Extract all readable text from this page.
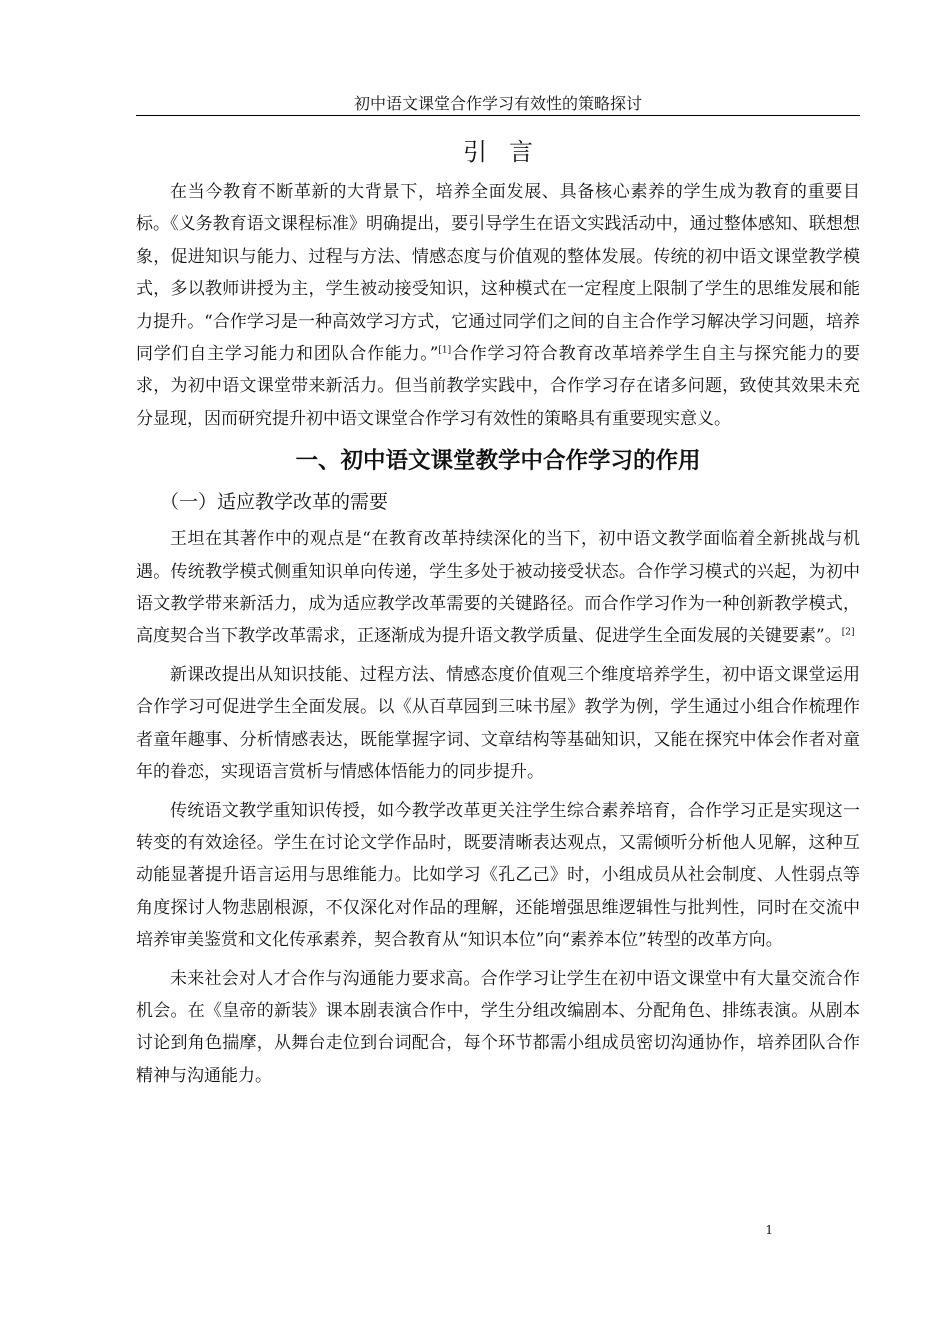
初中语文课堂合作学习有效性的策略探讨
引言

在当今教育不断革新的大背景下，培养全面发展、具备核心素养的学生成为教育的重要目标。《义务教育语文课程标准》明确提出，要引导学生在语文实践活动中，通过整体感知、联想想象，促进知识与能力、过程与方法、情感态度与价值观的整体发展。传统的初中语文课堂教学模式，多以教师讲授为主，学生被动接受知识，这种模式在一定程度上限制了学生的思维发展和能力提升。“合作学习是一种高效学习方式，它通过同学们之间的自主合作学习解决学习问题，培养同学们自主学习能力和团队合作能力。”[1]合作学习符合教育改革培养学生自主与探究能力的要求，为初中语文课堂带来新活力。但当前教学实践中，合作学习存在诸多问题，致使其效果未充分显现，因而研究提升初中语文课堂合作学习有效性的策略具有重要现实意义。

一、初中语文课堂教学中合作学习的作用
（一）适应教学改革的需要

王坦在其著作中的观点是“在教育改革持续深化的当下，初中语文教学面临着全新挑战与机遇。传统教学模式侧重知识单向传递，学生多处于被动接受状态。合作学习模式的兴起，为初中语文教学带来新活力，成为适应教学改革需要的关键路径。而合作学习作为一种创新教学模式，高度契合当下教学改革需求，正逐渐成为提升语文教学质量、促进学生全面发展的关键要素”。[2]

新课改提出从知识技能、过程方法、情感态度价值观三个维度培养学生，初中语文课堂运用合作学习可促进学生全面发展。以《从百草园到三味书屋》教学为例，学生通过小组合作梳理作者童年趣事、分析情感表达，既能掌握字词、文章结构等基础知识，又能在探究中体会作者对童年的眷恋，实现语言赏析与情感体悟能力的同步提升。

传统语文教学重知识传授，如今教学改革更关注学生综合素养培育，合作学习正是实现这一转变的有效途径。学生在讨论文学作品时，既要清晰表达观点，又需倾听分析他人见解，这种互动能显著提升语言运用与思维能力。比如学习《孔乙己》时，小组成员从社会制度、人性弱点等角度探讨人物悲剧根源，不仅深化对作品的理解，还能增强思维逻辑性与批判性，同时在交流中培养审美鉴赏和文化传承素养，契合教育从“知识本位”向“素养本位”转型的改革方向。

未来社会对人才合作与沟通能力要求高。合作学习让学生在初中语文课堂中有大量交流合作机会。在《皇帝的新装》课本剧表演合作中，学生分组改编剧本、分配角色、排练表演。从剧本讨论到角色揣摩，从舞台走位到台词配合，每个环节都需小组成员密切沟通协作，培养团队合作精神与沟通能力。

1
